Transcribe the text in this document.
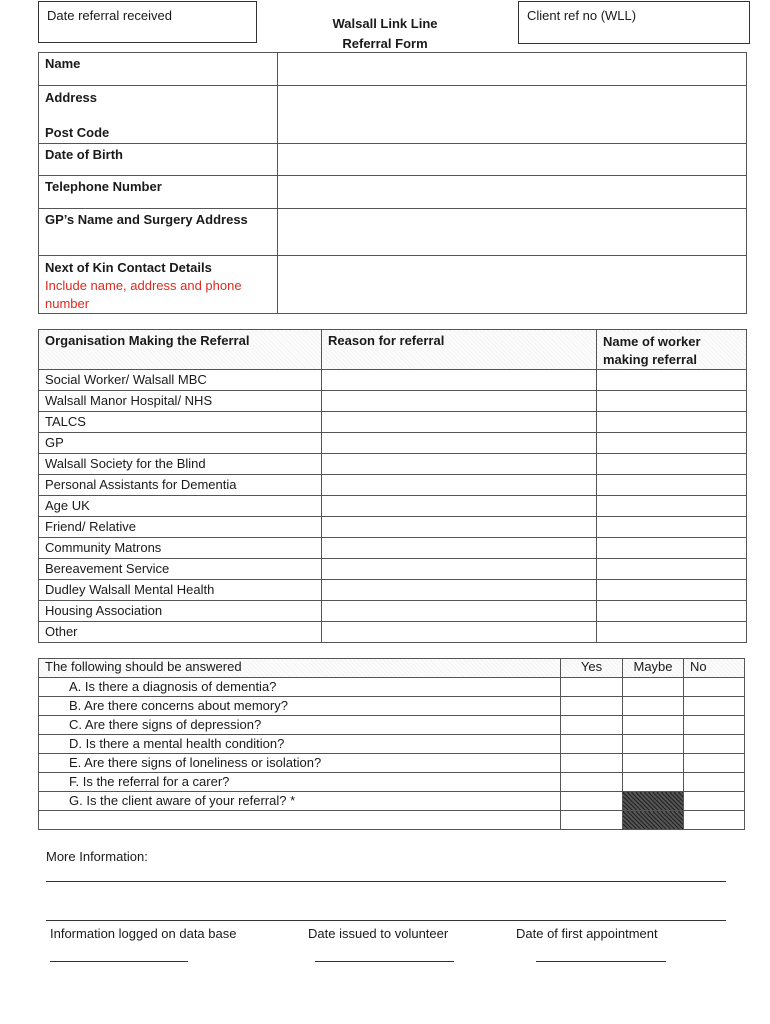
Date referral received
Walsall Link Line
Referral Form
Client ref no (WLL)
Name	

Address
Post Code	

Date of Birth	
Telephone Number	
GP’s Name and Surgery Address	

Next of Kin Contact Details
Include name, address and phone number	

Organisation Making the Referral	Reason for referral	Name of worker making referral
Social Worker/ Walsall MBC		
Walsall Manor Hospital/ NHS		
TALCS		
GP		
Walsall Society for the Blind		
Personal Assistants for Dementia		
Age UK		
Friend/ Relative		
Community Matrons		
Bereavement Service		
Dudley Walsall Mental Health		
Housing Association		
Other		
The following should be answered	Yes	Maybe	No
A. Is there a diagnosis of dementia?			
B. Are there concerns about memory?			
C. Are there signs of depression?			
D. Is there a mental health condition?			
E. Are there signs of loneliness or isolation?			
F. Is the referral for a carer?			
G. Is the client aware of your referral? *			

More Information:
Information logged on data base	Date issued to volunteer	Date of first appointment
